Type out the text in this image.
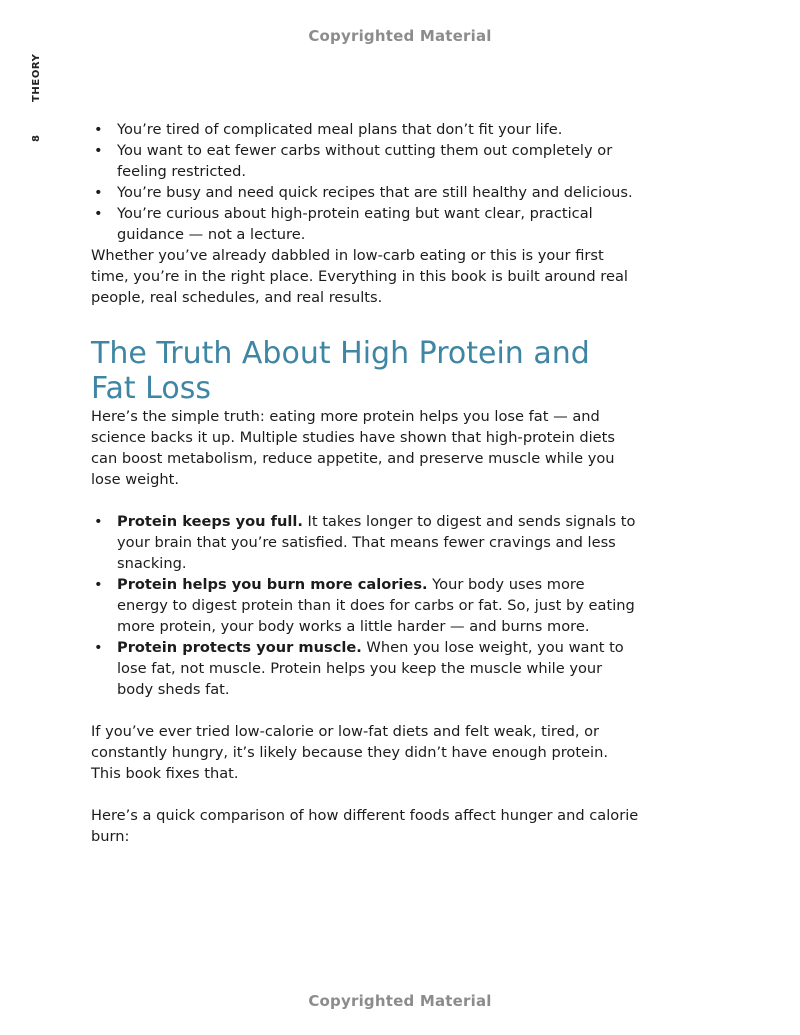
Copyrighted Material
THEORY
8
• You’re tired of complicated meal plans that don’t fit your life.
• You want to eat fewer carbs without cutting them out completely or feeling restricted.
• You’re busy and need quick recipes that are still healthy and delicious.
• You’re curious about high-protein eating but want clear, practical guidance — not a lecture.

Whether you’ve already dabbled in low-carb eating or this is your first time, you’re in the right place. Everything in this book is built around real people, real schedules, and real results.

The Truth About High Protein and Fat Loss

Here’s the simple truth: eating more protein helps you lose fat — and science backs it up. Multiple studies have shown that high-protein diets can boost metabolism, reduce appetite, and preserve muscle while you lose weight.

• Protein keeps you full. It takes longer to digest and sends signals to your brain that you’re satisfied. That means fewer cravings and less snacking.
• Protein helps you burn more calories. Your body uses more energy to digest protein than it does for carbs or fat. So, just by eating more protein, your body works a little harder — and burns more.
• Protein protects your muscle. When you lose weight, you want to lose fat, not muscle. Protein helps you keep the muscle while your body sheds fat.

If you’ve ever tried low-calorie or low-fat diets and felt weak, tired, or constantly hungry, it’s likely because they didn’t have enough protein. This book fixes that.

Here’s a quick comparison of how different foods affect hunger and calorie burn:

Copyrighted Material
